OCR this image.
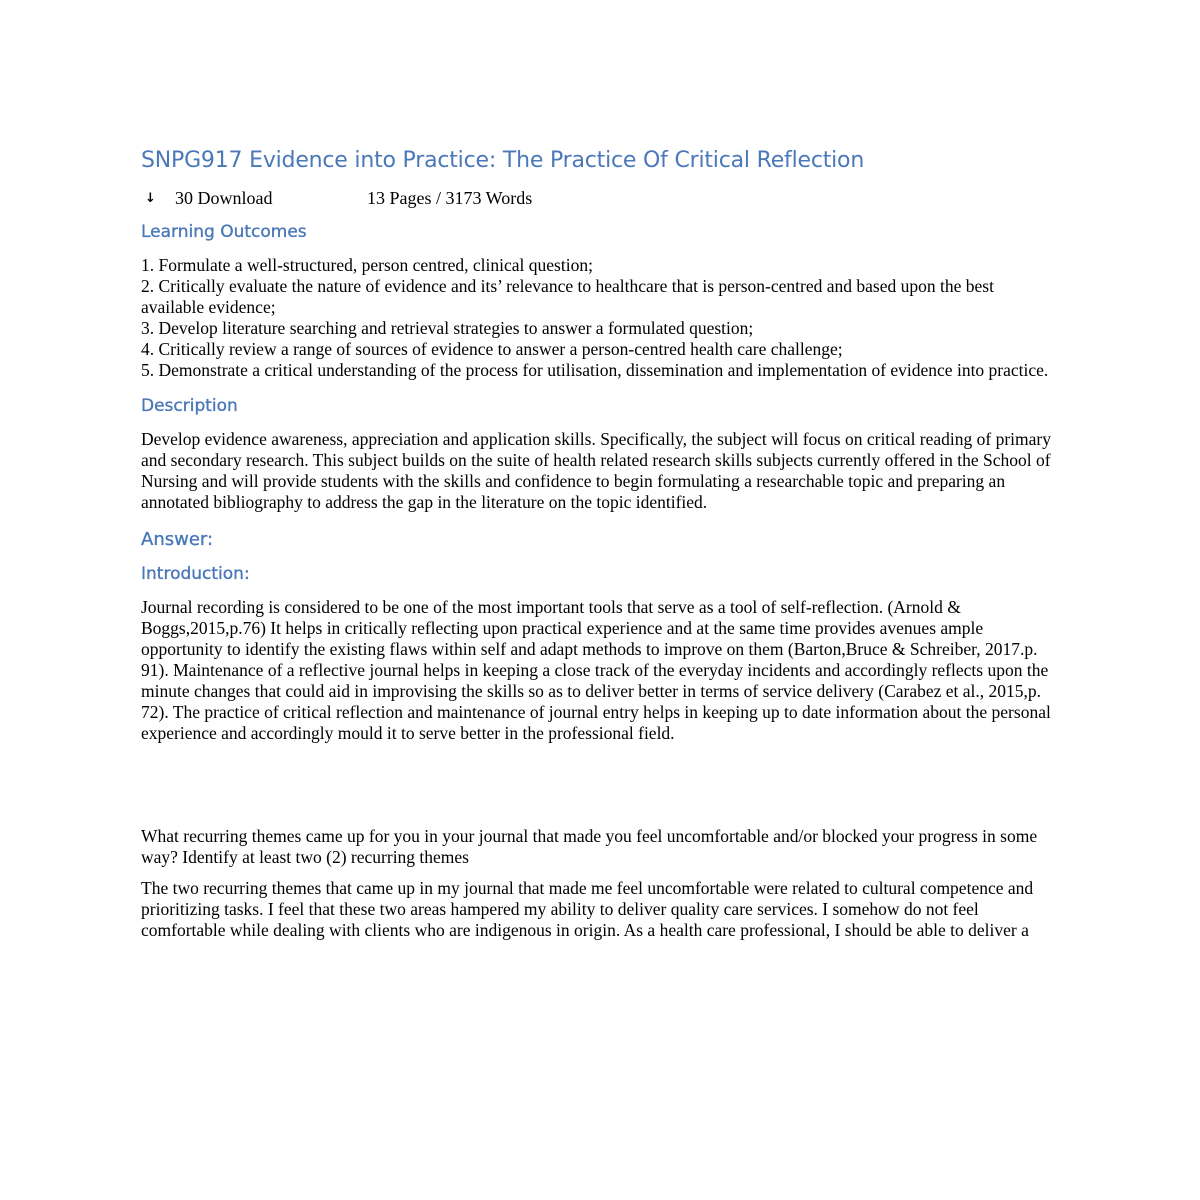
SNPG917 Evidence into Practice: The Practice Of Critical Reflection
↓	30 Download	13 Pages / 3173 Words
Learning Outcomes
1. Formulate a well-structured, person centred, clinical question;
2. Critically evaluate the nature of evidence and its’ relevance to healthcare that is person-centred and based upon the best available evidence;
3. Develop literature searching and retrieval strategies to answer a formulated question;
4. Critically review a range of sources of evidence to answer a person-centred health care challenge;
5. Demonstrate a critical understanding of the process for utilisation, dissemination and implementation of evidence into practice.
Description

Develop evidence awareness, appreciation and application skills. Specifically, the subject will focus on critical reading of primary and secondary research. This subject builds on the suite of health related research skills subjects currently offered in the School of Nursing and will provide students with the skills and confidence to begin formulating a researchable topic and preparing an annotated bibliography to address the gap in the literature on the topic identified.

Answer:
Introduction:

Journal recording is considered to be one of the most important tools that serve as a tool of self-reflection. (Arnold & Boggs,2015,p.76) It helps in critically reflecting upon practical experience and at the same time provides avenues ample opportunity to identify the existing flaws within self and adapt methods to improve on them (Barton,Bruce & Schreiber, 2017.p. 91). Maintenance of a reflective journal helps in keeping a close track of the everyday incidents and accordingly reflects upon the minute changes that could aid in improvising the skills so as to deliver better in terms of service delivery (Carabez et al., 2015,p. 72). The practice of critical reflection and maintenance of journal entry helps in keeping up to date information about the personal experience and accordingly mould it to serve better in the professional field.

What recurring themes came up for you in your journal that made you feel uncomfortable and/or blocked your progress in some way? Identify at least two (2) recurring themes

The two recurring themes that came up in my journal that made me feel uncomfortable were related to cultural competence and prioritizing tasks. I feel that these two areas hampered my ability to deliver quality care services. I somehow do not feel comfortable while dealing with clients who are indigenous in origin. As a health care professional, I should be able to deliver a
